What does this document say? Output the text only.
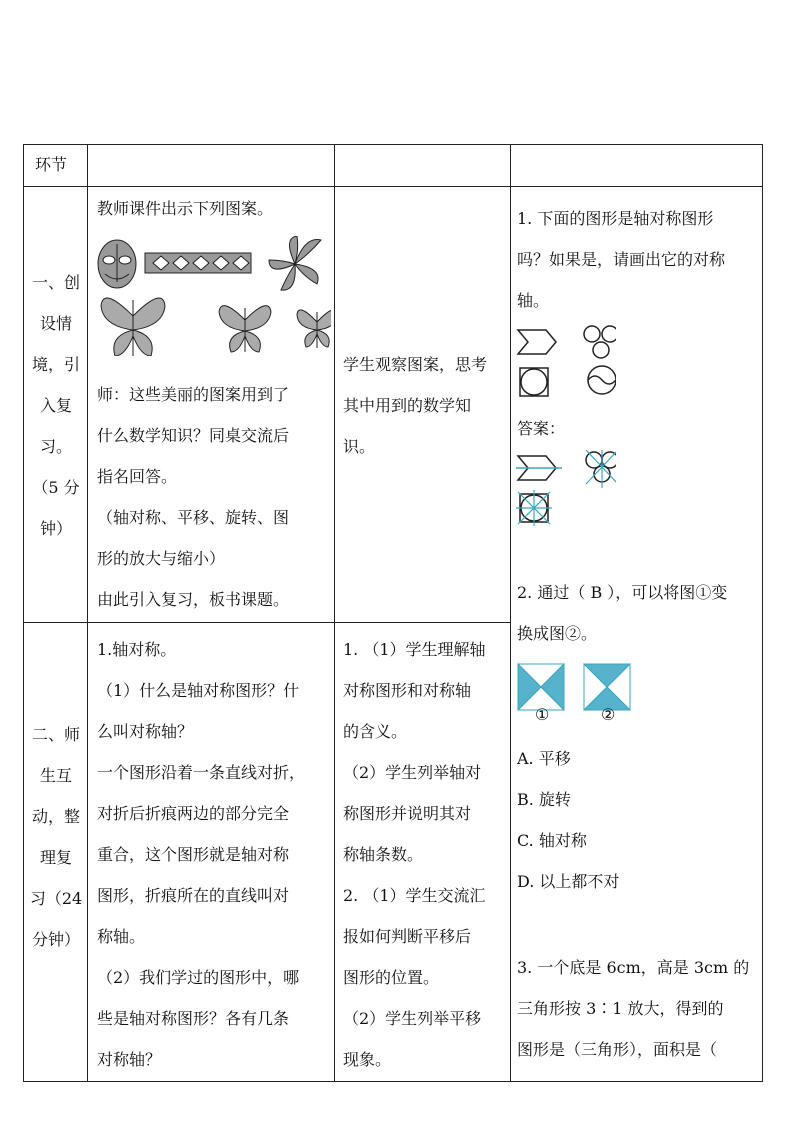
环节

一、创

设情

境，引

入复

习。

（5 分

钟）

教师课件出示下列图案。

师：这些美丽的图案用到了

什么数学知识？同桌交流后

指名回答。

（轴对称、平移、旋转、图

形的放大与缩小）

由此引入复习，板书课题。

学生观察图案，思考

其中用到的数学知

识。

二、师

生互

动，整

理复

习（24

分钟）

1.轴对称。

（1）什么是轴对称图形？什

么叫对称轴？

一个图形沿着一条直线对折，

对折后折痕两边的部分完全

重合，这个图形就是轴对称

图形，折痕所在的直线叫对

称轴。

（2）我们学过的图形中，哪

些是轴对称图形？各有几条

对称轴？

1. （1）学生理解轴

对称图形和对称轴

的含义。

（2）学生列举轴对

称图形并说明其对

称轴条数。

2. （1）学生交流汇

报如何判断平移后

图形的位置。

（2）学生列举平移

现象。

1. 下面的图形是轴对称图形

吗？如果是，请画出它的对称

轴。

答案：

2. 通过（ B ），可以将图①变

换成图②。

①	②

A. 平移

B. 旋转

C. 轴对称

D. 以上都不对

3. 一个底是 6cm，高是 3cm 的

三角形按 3∶1 放大，得到的

图形是（三角形），面积是（
